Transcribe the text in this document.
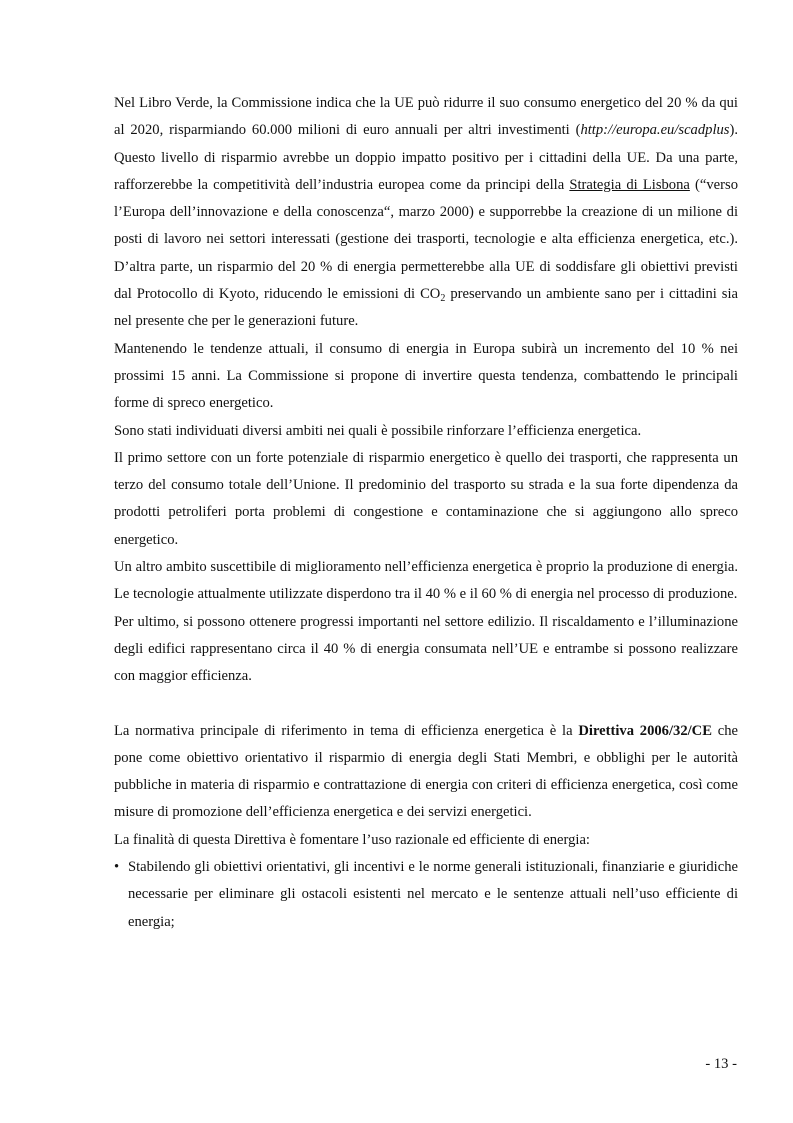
Nel Libro Verde, la Commissione indica che la UE può ridurre il suo consumo energetico del 20 % da qui al 2020, risparmiando 60.000 milioni di euro annuali per altri investimenti (http://europa.eu/scadplus). Questo livello di risparmio avrebbe un doppio impatto positivo per i cittadini della UE. Da una parte, rafforzerebbe la competitività dell’industria europea come da principi della Strategia di Lisbona (“verso l’Europa dell’innovazione e della conoscenza“, marzo 2000) e supporrebbe la creazione di un milione di posti di lavoro nei settori interessati (gestione dei trasporti, tecnologie e alta efficienza energetica, etc.). D’altra parte, un risparmio del 20 % di energia permetterebbe alla UE di soddisfare gli obiettivi previsti dal Protocollo di Kyoto, riducendo le emissioni di $CO_2$ preservando un ambiente sano per i cittadini sia nel presente che per le generazioni future.

Mantenendo le tendenze attuali, il consumo di energia in Europa subirà un incremento del 10 % nei prossimi 15 anni. La Commissione si propone di invertire questa tendenza, combattendo le principali forme di spreco energetico.

Sono stati individuati diversi ambiti nei quali è possibile rinforzare l’efficienza energetica.

Il primo settore con un forte potenziale di risparmio energetico è quello dei trasporti, che rappresenta un terzo del consumo totale dell’Unione. Il predominio del trasporto su strada e la sua forte dipendenza da prodotti petroliferi porta problemi di congestione e contaminazione che si aggiungono allo spreco energetico.

Un altro ambito suscettibile di miglioramento nell’efficienza energetica è proprio la produzione di energia. Le tecnologie attualmente utilizzate disperdono tra il 40 % e il 60 % di energia nel processo di produzione.

Per ultimo, si possono ottenere progressi importanti nel settore edilizio. Il riscaldamento e l’illuminazione degli edifici rappresentano circa il 40 % di energia consumata nell’UE e entrambe si possono realizzare con maggior efficienza.

La normativa principale di riferimento in tema di efficienza energetica è la Direttiva 2006/32/CE che pone come obiettivo orientativo il risparmio di energia degli Stati Membri, e obblighi per le autorità pubbliche in materia di risparmio e contrattazione di energia con criteri di efficienza energetica, così come misure di promozione dell’efficienza energetica e dei servizi energetici.

La finalità di questa Direttiva è fomentare l’uso razionale ed efficiente di energia:

• Stabilendo gli obiettivi orientativi, gli incentivi e le norme generali istituzionali, finanziarie e giuridiche necessarie per eliminare gli ostacoli esistenti nel mercato e le sentenze attuali nell’uso efficiente di energia;
- 13 -
